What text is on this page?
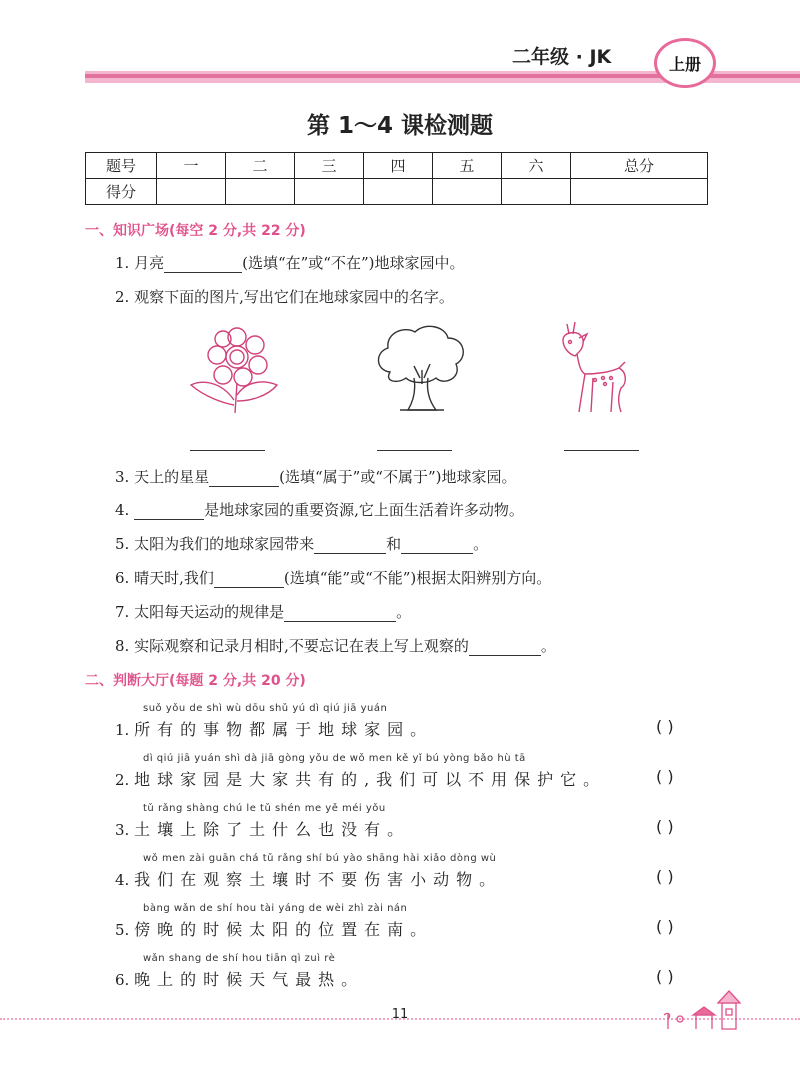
二年级 · JK	上册
第 1～4 课检测题
题号	一	二	三	四	五	六	总分
得分							
一、知识广场(每空 2 分,共 22 分)
1. 月亮	(选填“在”或“不在”)地球家园中。
2. 观察下面的图片,写出它们在地球家园中的名字。
3. 天上的星星	(选填“属于”或“不属于”)地球家园。
4.	是地球家园的重要资源,它上面生活着许多动物。
5. 太阳为我们的地球家园带来	和	。
6. 晴天时,我们	(选填“能”或“不能”)根据太阳辨别方向。
7. 太阳每天运动的规律是	。
8. 实际观察和记录月相时,不要忘记在表上写上观察的	。
二、判断大厅(每题 2 分,共 20 分)
suǒ yǒu de shì wù dōu shǔ yú dì qiú jiā yuán
1. 所有的事物都属于地球家园。	( )
dì qiú jiā yuán shì dà jiā gòng yǒu de wǒ men kě yǐ bú yòng bǎo hù tā
2. 地球家园是大家共有的,我们可以不用保护它。	( )
tǔ rǎng shàng chú le tǔ shén me yě méi yǒu
3. 土壤上除了土什么也没有。	( )
wǒ men zài guān chá tǔ rǎng shí bú yào shāng hài xiǎo dòng wù
4. 我们在观察土壤时不要伤害小动物。	( )
bàng wǎn de shí hou tài yáng de wèi zhì zài nán
5. 傍晚的时候太阳的位置在南。	( )
wǎn shang de shí hou tiān qì zuì rè
6. 晚上的时候天气最热。	( )
11
